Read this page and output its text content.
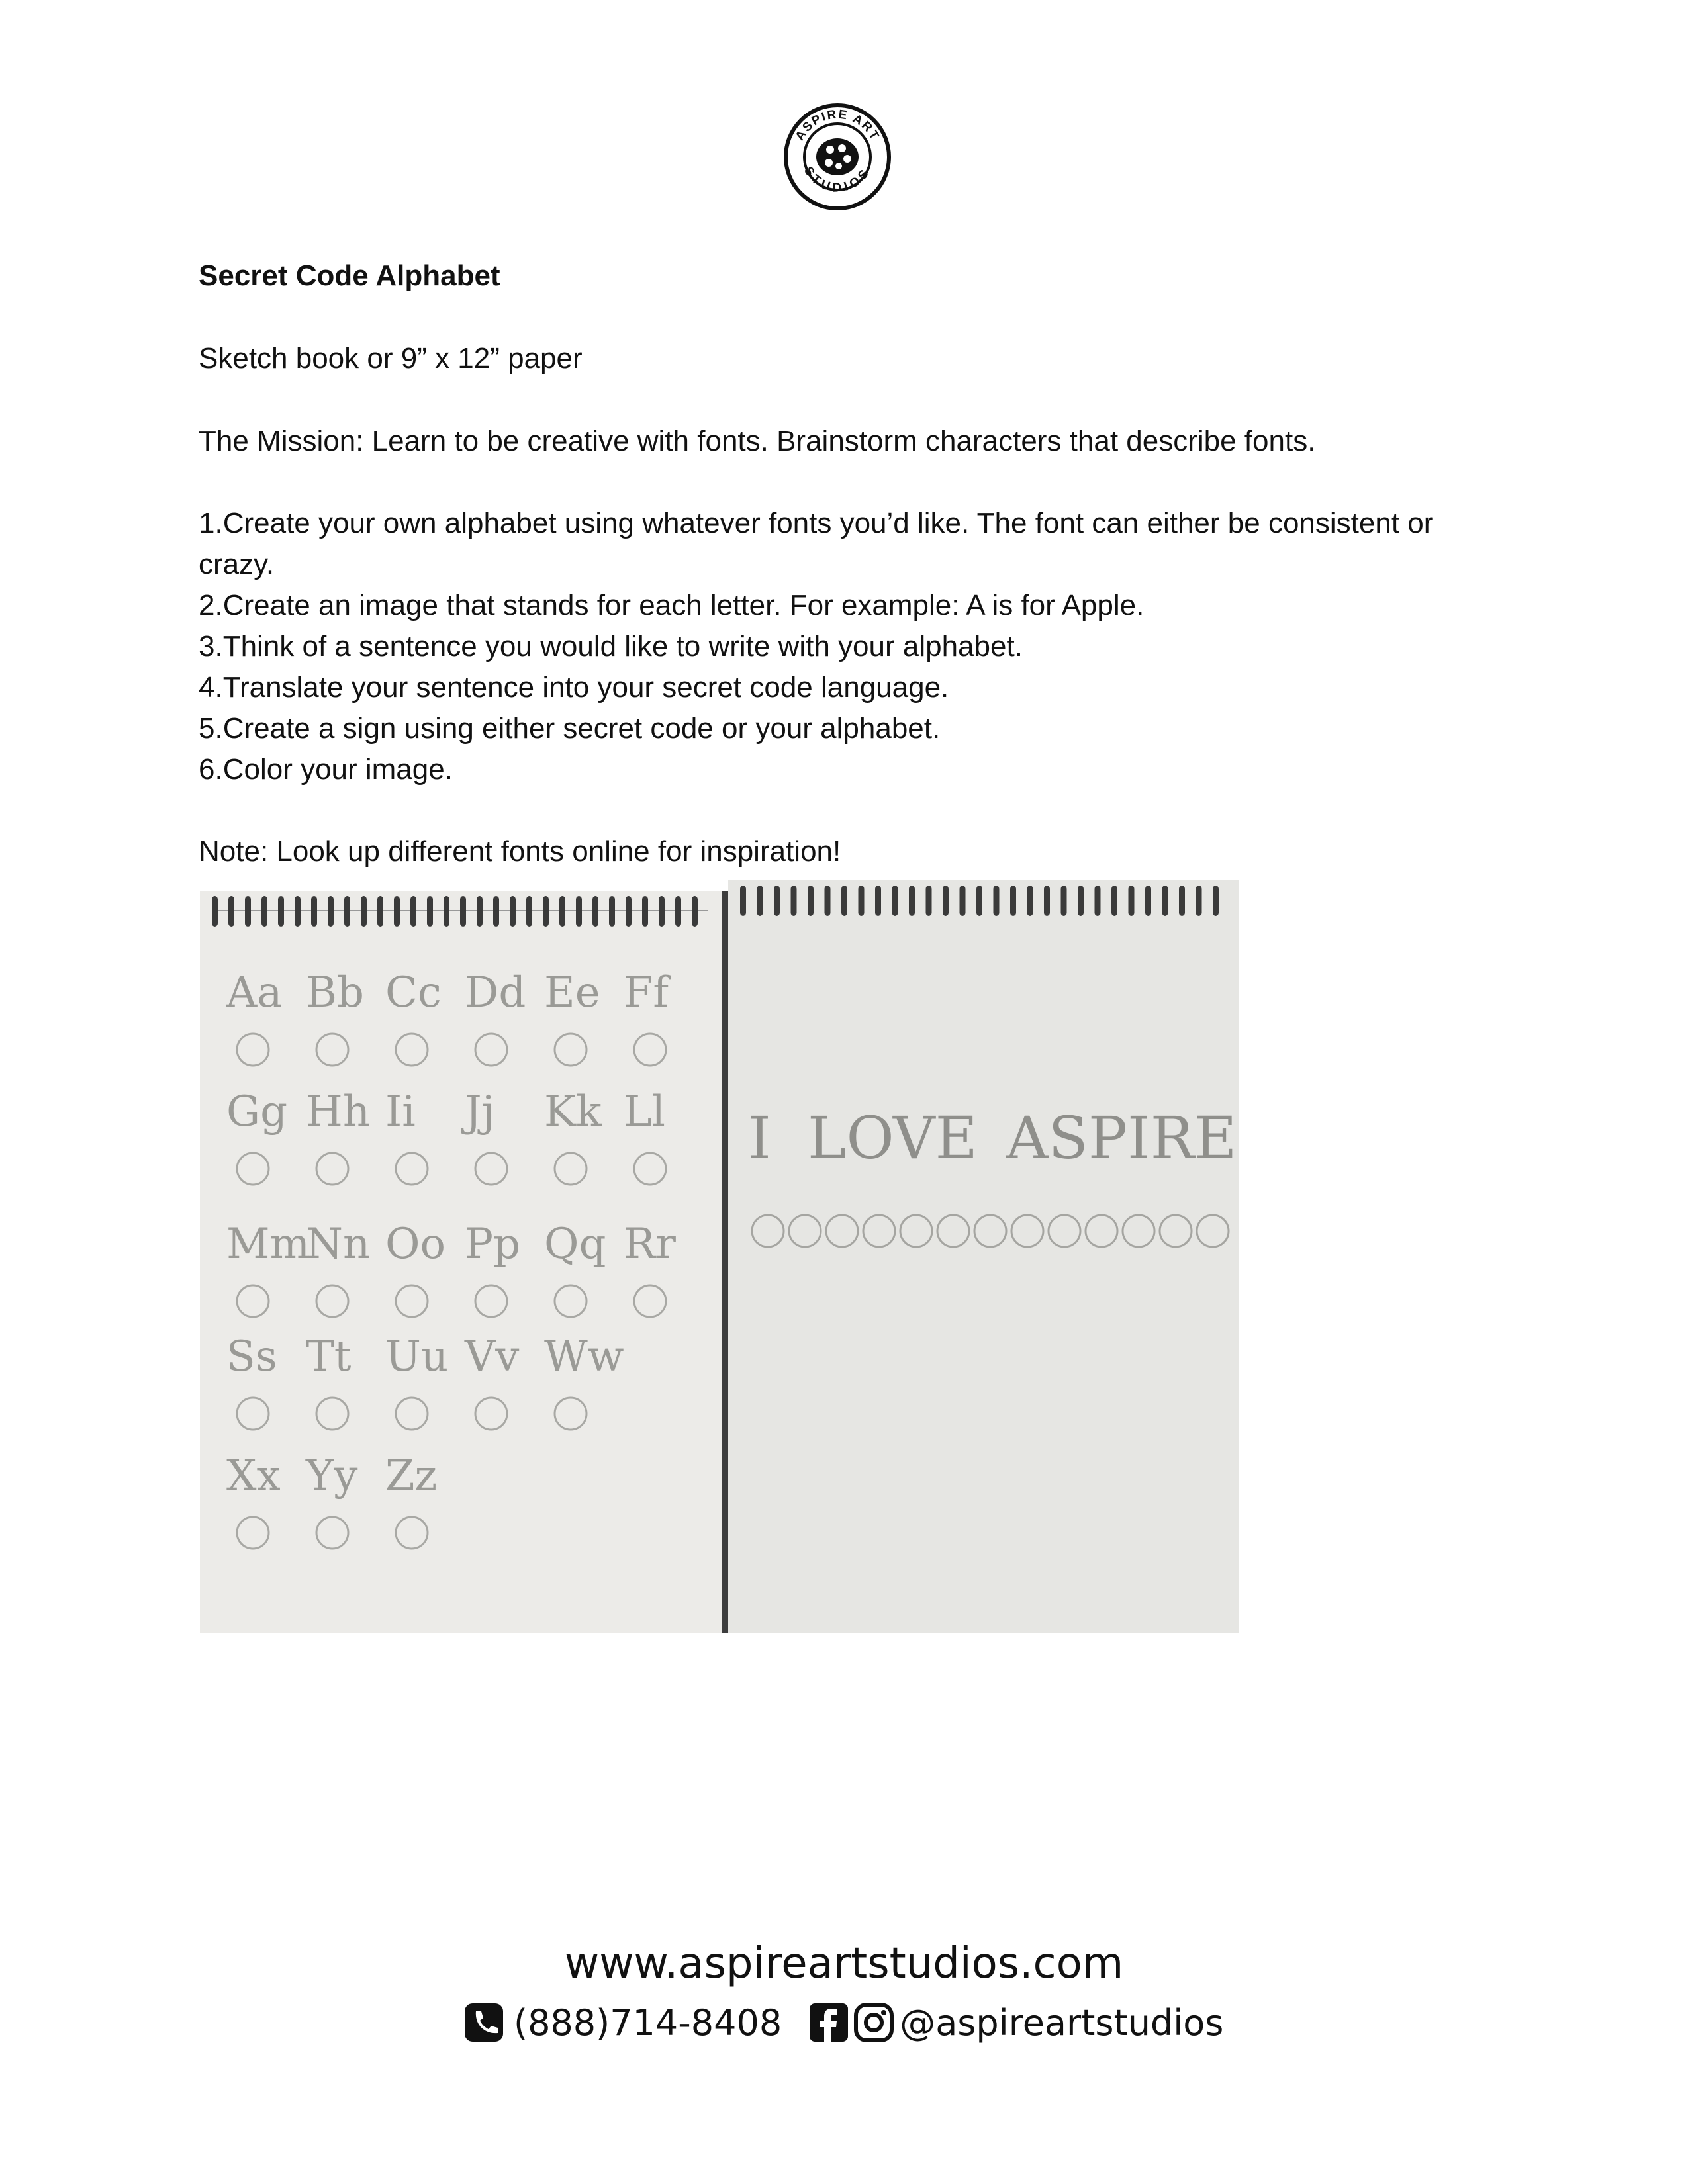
ASPIRE ART
STUDIOS
Secret Code Alphabet
Sketch book or 9” x 12” paper
The Mission: Learn to be creative with fonts. Brainstorm characters that describe fonts.
1.Create your own alphabet using whatever fonts you’d like. The font can either be consistent or crazy.
2.Create an image that stands for each letter. For example: A is for Apple.
3.Think of a sentence you would like to write with your alphabet.
4.Translate your sentence into your secret code language.
5.Create a sign using either secret code or your alphabet.
6.Color your image.
Note: Look up different fonts online for inspiration!
Aa Bb Cc Dd Ee Ff
Gg Hh Ii Jj Kk Ll
Mm
Nn Oo Pp Qq Rr
Ss Tt Uu Vv Ww
Xx Yy Zz
I LOVE ASPIRE
www.aspireartstudios.com
(888)714-8408	@aspireartstudios
